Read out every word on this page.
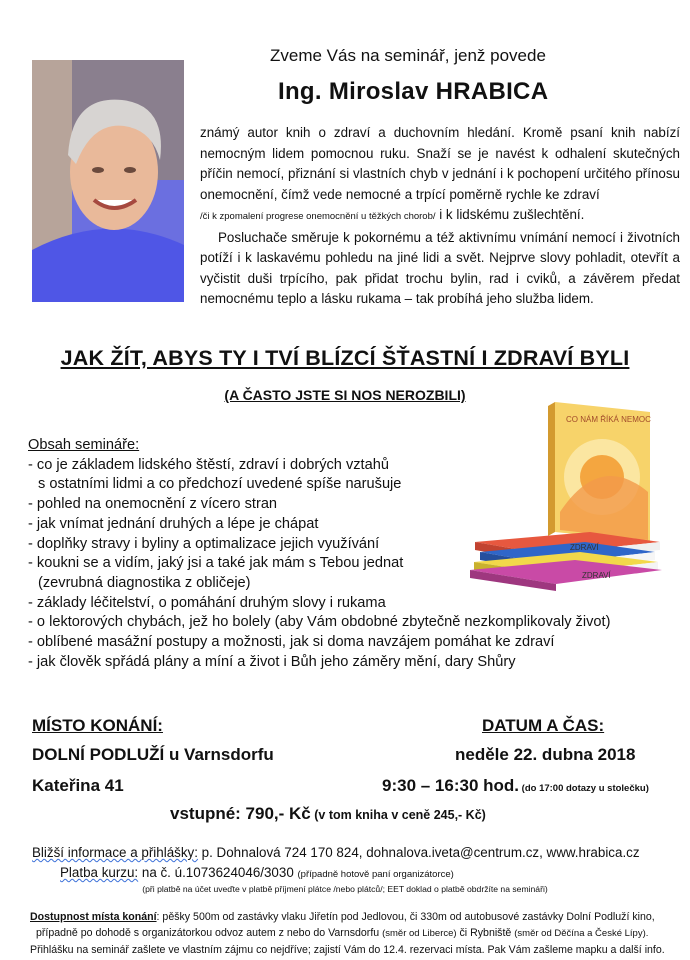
Zveme Vás na seminář, jenž povede
Ing. Miroslav HRABICA

známý autor knih o zdraví a duchovním hledání. Kromě psaní knih nabízí nemocným lidem pomocnou ruku. Snaží se je navést k odhalení skutečných příčin nemocí, přiznání si vlastních chyb v jednání i k pochopení určitého přínosu onemocnění, čímž vede nemocné a trpící poměrně rychle ke zdraví
/či k zpomalení progrese onemocnění u těžkých chorob/ i k lidskému zušlechtění.

Posluchače směruje k pokornému a též aktivnímu vnímání nemocí i životních potíží i k laskavému pohledu na jiné lidi a svět. Nejprve slovy pohladit, otevřít a vyčistit duši trpícího, pak přidat trochu bylin, rad i cviků, a závěrem předat nemocnému teplo a lásku rukama – tak probíhá jeho služba lidem.

JAK ŽÍT, ABYS TY I TVÍ BLÍZCÍ ŠŤASTNÍ I ZDRAVÍ BYLI
(A ČASTO JSTE SI NOS NEROZBILI)
Obsah semináře:
- co je základem lidského štěstí, zdraví i dobrých vztahů
s ostatními lidmi a co předchozí uvedené spíše narušuje
- pohled na onemocnění z vícero stran
- jak vnímat jednání druhých a lépe je chápat
- doplňky stravy i byliny a optimalizace jejich využívání
- koukni se a vidím, jaký jsi a také jak mám s Tebou jednat
(zevrubná diagnostika z obličeje)
- základy léčitelství, o pomáhání druhým slovy i rukama
- o lektorových chybách, jež ho bolely (aby Vám obdobné zbytečně nezkomplikovaly život)
- oblíbené masážní postupy a možnosti, jak si doma navzájem pomáhat ke zdraví
- jak člověk spřádá plány a míní a život i Bůh jeho záměry mění, dary Shůry
CO NÁM ŘÍKÁ NEMOC
ZDRAVÍ
ZDRAVÍ
MÍSTO KONÁNÍ:	DATUM A ČAS:
DOLNÍ PODLUŽÍ u Varnsdorfu
Kateřina 41
neděle 22. dubna 2018
9:30 – 16:30 hod. (do 17:00 dotazy u stolečku)
vstupné: 790,- Kč (v tom kniha v ceně 245,- Kč)
Bližší informace a přihlášky: p. Dohnalová 724 170 824, dohnalova.iveta@centrum.cz, www.hrabica.cz
Platba kurzu: na č. ú.1073624046/3030 (případně hotově paní organizátorce)
(při platbě na účet uveďte v platbě příjmení plátce /nebo plátců/; EET doklad o platbě obdržíte na semináři)
Dostupnost místa konání: pěšky 500m od zastávky vlaku Jiřetín pod Jedlovou, či 330m od autobusové zastávky Dolní Podluží kino,
případně po dohodě s organizátorkou odvoz autem z nebo do Varnsdorfu (směr od Liberce) či Rybniště (směr od Děčína a České Lípy).
Přihlášku na seminář zašlete ve vlastním zájmu co nejdříve; zajistí Vám do 12.4. rezervaci místa. Pak Vám zašleme mapku a další info.
